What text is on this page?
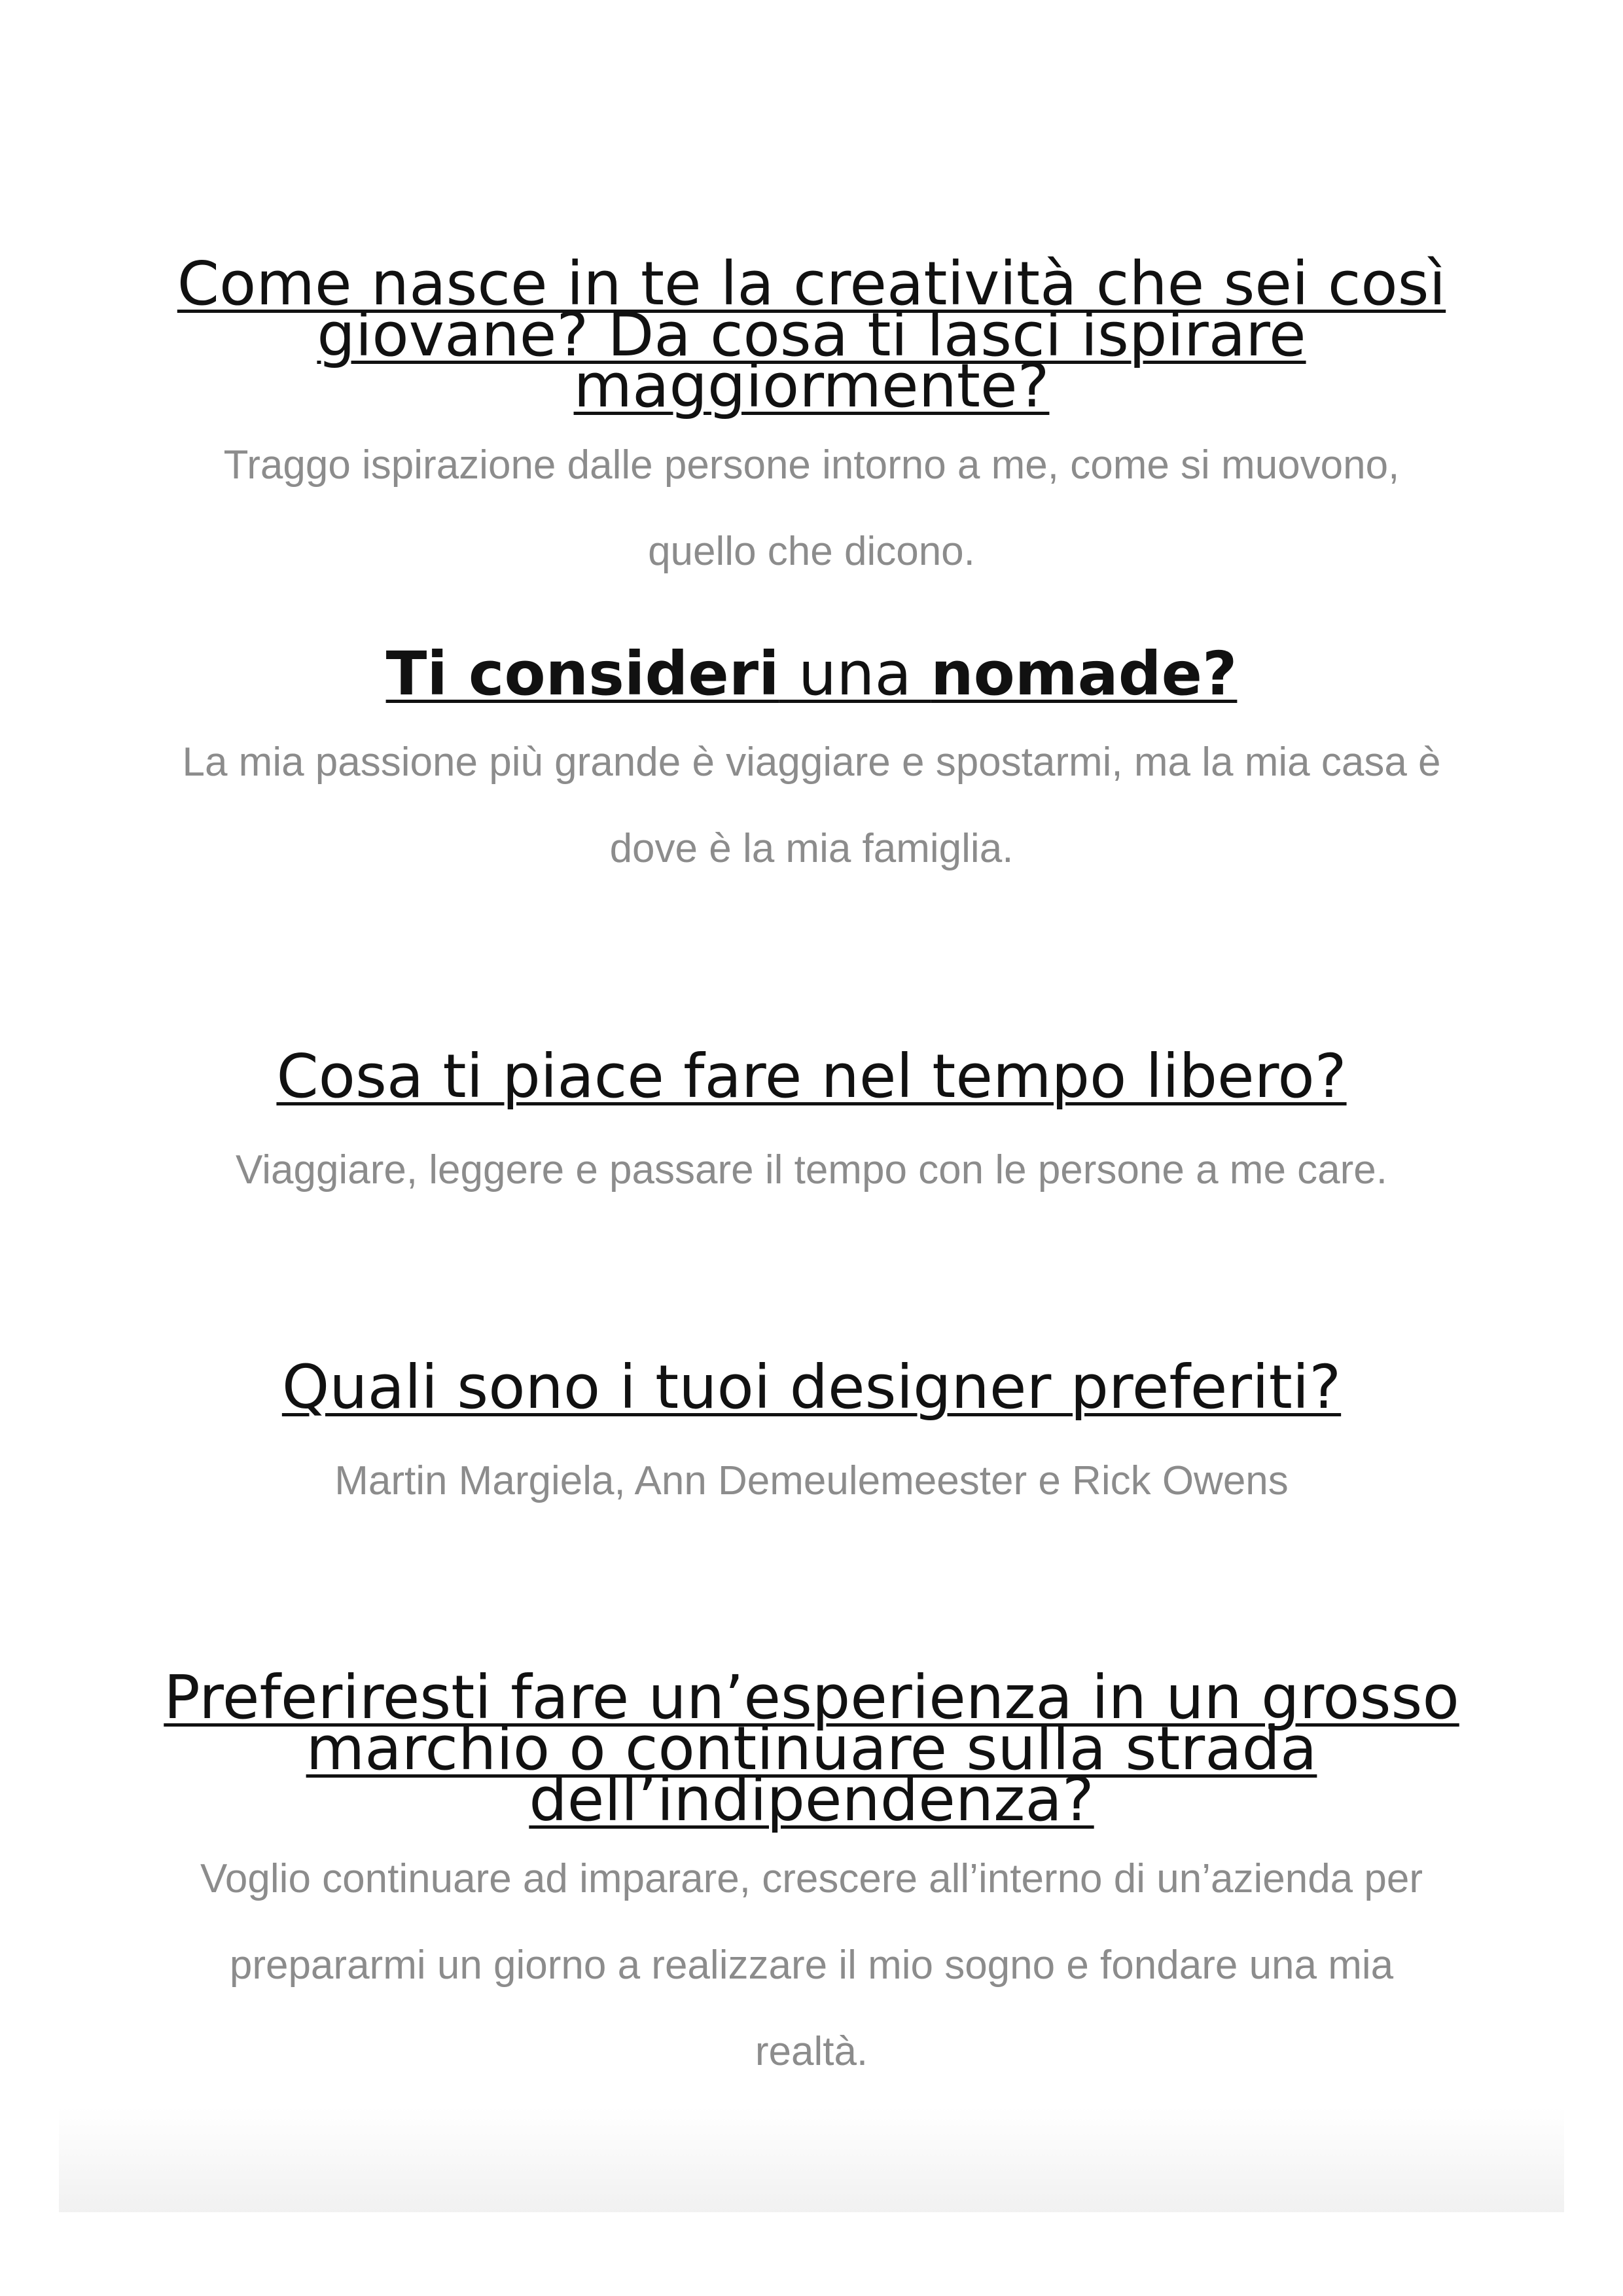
Come nasce in te la creatività che sei così giovane? Da cosa ti lasci ispirare maggiormente?

Traggo ispirazione dalle persone intorno a me, come si muovono, quello che dicono.

Ti consideri una nomade?

La mia passione più grande è viaggiare e spostarmi, ma la mia casa è dove è la mia famiglia.

Cosa ti piace fare nel tempo libero?

Viaggiare, leggere e passare il tempo con le persone a me care.

Quali sono i tuoi designer preferiti?

Martin Margiela, Ann Demeulemeester e Rick Owens

Preferiresti fare un’esperienza in un grosso marchio o continuare sulla strada dell’indipendenza?

Voglio continuare ad imparare, crescere all’interno di un’azienda per prepararmi un giorno a realizzare il mio sogno e fondare una mia realtà.
